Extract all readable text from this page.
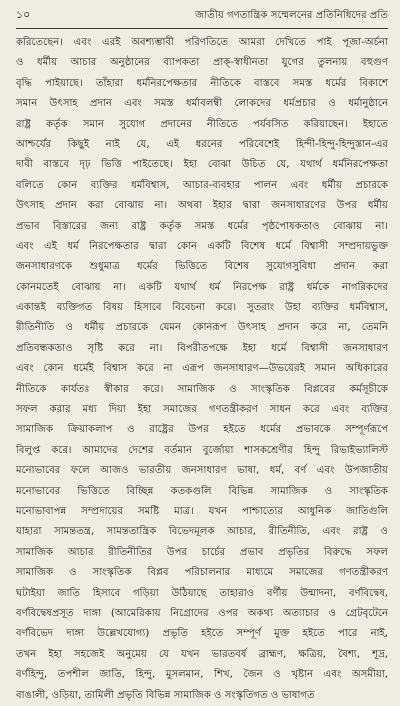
১০	জাতীয় গণতান্ত্রিক সম্মেলনের প্রতিনিধিদের প্রতি
করিতেছেন। এবং এরই অবশ্যম্ভাবী পরিণতিতে আমরা দেখিতে পাই পূজা-অর্চনা
ও ধর্মীয় আচার অনুষ্ঠানের ব্যাপকতা প্রাক্-স্বাধীনতা যুগের তুলনায় বহুগুণ
বৃদ্ধি পাইয়াছে। তাঁহারা ধর্মনিরপেক্ষতার নীতিকে বাস্তবে সমস্ত ধর্মের বিকাশে
সমান উৎসাহ প্রদান এবং সমস্ত ধর্মাবলম্বী লোকদের ধর্মপ্রচার ও ধর্মানুষ্ঠানে
রাষ্ট্র কর্তৃক সমান সুযোগ প্রদানের নীতিতে পর্যবসিত করিয়াছেন। ইহাতে
আশ্চর্যের কিছুই নাই যে, এই ধরনের পরিবেশেই হিন্দী-হিন্দু-হিন্দুস্তান-এর
দাবী বাস্তবে দৃঢ় ভিত্তি পাইতেছে। ইহা বোঝা উচিত যে, যথার্থ ধর্মনিরপেক্ষতা
বলিতে কোন ব্যক্তির ধর্মবিশ্বাস, আচার-ব্যবহার পালন এবং ধর্মীয় প্রচারকে
উৎসাহ প্রদান করা বোঝায় না। অথবা ইহার দ্বারা জনসাধারণের উপর ধর্মীয়
প্রভাব বিস্তারের জন্য রাষ্ট্র কর্তৃক সমস্ত ধর্মের পৃষ্ঠপোষকতাও বোঝায় না।
এবং এই ধর্ম নিরপেক্ষতার দ্বারা কোন একটি বিশেষ ধর্মে বিশ্বাসী সম্প্রদায়ভুক্ত
জনসাধারণকে শুধুমাত্র ধর্মের ভিত্তিতে বিশেষ সুযোগসুবিধা প্রদান করা
কোনমতেই বোঝায় না। একটি যথার্থ ধর্ম নিরপেক্ষ রাষ্ট্র ধর্মকে নাগরিকদের
একান্তই ব্যক্তিগত বিষয় হিসাবে বিবেচনা করে। সুতরাং উহা ব্যক্তির ধর্মবিশ্বাস,
রীতিনীতি ও ধর্মীয় প্রচারকে যেমন কোনরূপ উৎসাহ প্রদান করে না, তেমনি
প্রতিবন্ধকতাও সৃষ্টি করে না। বিপরীতপক্ষে ইহা ধর্মে বিশ্বাসী জনসাধারণ
এবং কোন ধর্মেই বিশ্বাস করে না এরূপ জনসাধারণ—উভয়েরই সমান অধিকারের
নীতিকে কার্যতঃ স্বীকার করে। সামাজিক ও সাংস্কৃতিক বিপ্লবের কর্মসূচীকে
সফল করার মধ্য দিয়া ইহা সমাজের গণতন্ত্রীকরণ সাধন করে এবং ব্যক্তির
সামাজিক ক্রিয়াকলাপ ও রাষ্ট্রের উপর হইতে ধর্মের প্রভাবকে সম্পূর্ণরূপে
বিলুপ্ত করে। আমাদের দেশের বর্তমান বুর্জোয়া শাসকশ্রেণীর হিন্দু রিভাইভ্যালিস্ট
মনোভাবের ফলে আজও ভারতীয় জনসাধারণ ভাষা, ধর্ম, বর্ণ এবং উপজাতীয়
মনোভাবের ভিত্তিতে বিচ্ছিন্ন কতকগুলি বিভিন্ন সামাজিক ও সাংস্কৃতিক
মনোভাবাপন্ন সম্প্রদায়ের সমষ্টি মাত্র। যখন পাশ্চাত্যের আধুনিক জাতিগুলি
যাহারা সামন্ততন্ত্র, সামন্ততান্ত্রিক বিভেদমূলক আচার, রীতিনীতি, এবং রাষ্ট্র ও
সামাজিক আচার রীতিনীতির উপর চার্চের প্রভাব প্রভৃতির বিরুদ্ধে সফল
সামাজিক ও সাংস্কৃতিক বিপ্লব পরিচালনার মাধ্যমে সমাজের গণতন্ত্রীকরণ
ঘটাইয়া জাতি হিসাবে গড়িয়া উঠিয়াছে তাহারাও বর্ণীয় উন্মাদনা, বর্ণবিদ্বেষ,
বর্ণবিদ্বেষপ্রসূত দাঙ্গা (আমেরিকায় নিগ্রোদের ওপর অকথ্য অত্যাচার ও গ্রেটবৃটেনে
বর্ণবিভেদ দাঙ্গা উল্লেখযোগ্য) প্রভৃতি হইতে সম্পূর্ণ মুক্ত হইতে পারে নাই,
তখন ইহা সহজেই অনুমেয় যে যখন ভারতবর্ষ ব্রাহ্মণ, ক্ষত্রিয়, বৈশ্য, শূদ্র,
বর্ণহিন্দু, তপশীল জাতি, হিন্দু, মুসলমান, শিখ, জৈন ও খৃষ্টান এবং অসমীয়া,
বাঙালী, ওড়িয়া, তামিলী প্রভৃতি বিভিন্ন সামাজিক ও সংস্কৃতিগত ও ভাষাগত
